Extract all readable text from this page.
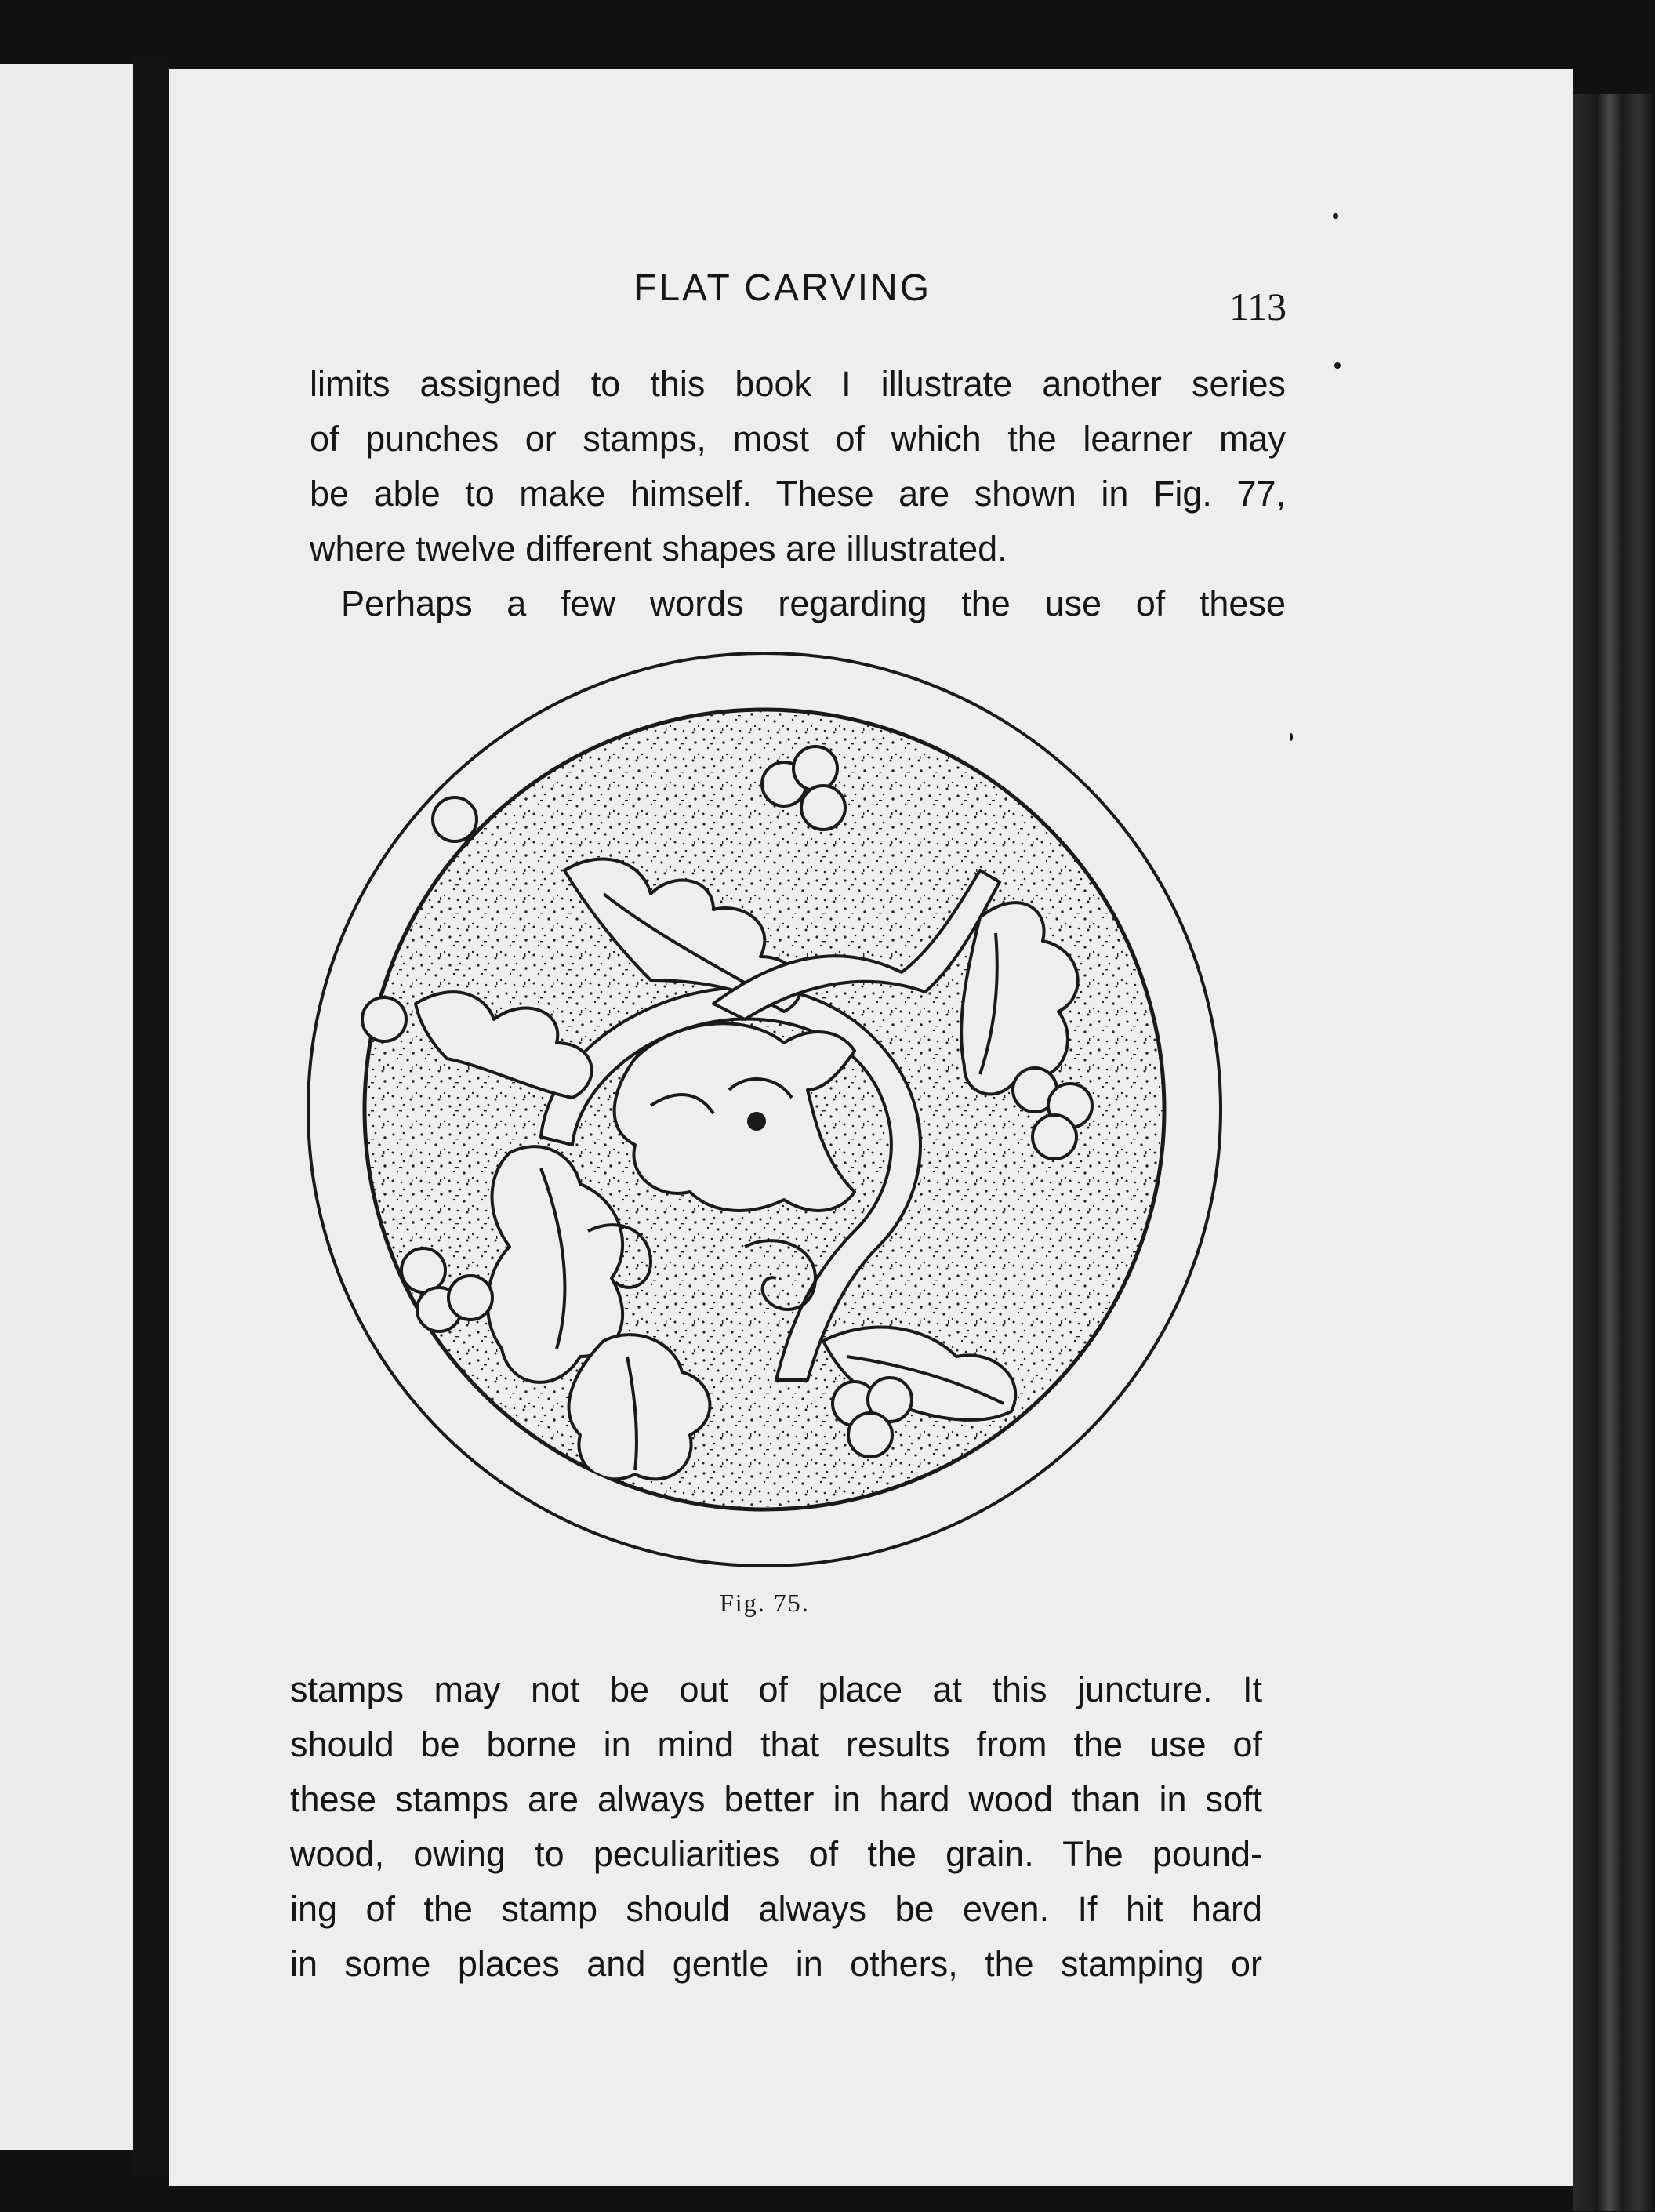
FLAT CARVING	113
limits assigned to this book I illustrate another series
of punches or stamps, most of which the learner may
be able to make himself. These are shown in Fig. 77,
where twelve different shapes are illustrated.
Perhaps a few words regarding the use of these
Fig. 75.
stamps may not be out of place at this juncture. It
should be borne in mind that results from the use of
these stamps are always better in hard wood than in soft
wood, owing to peculiarities of the grain. The pound-
ing of the stamp should always be even. If hit hard
in some places and gentle in others, the stamping or
